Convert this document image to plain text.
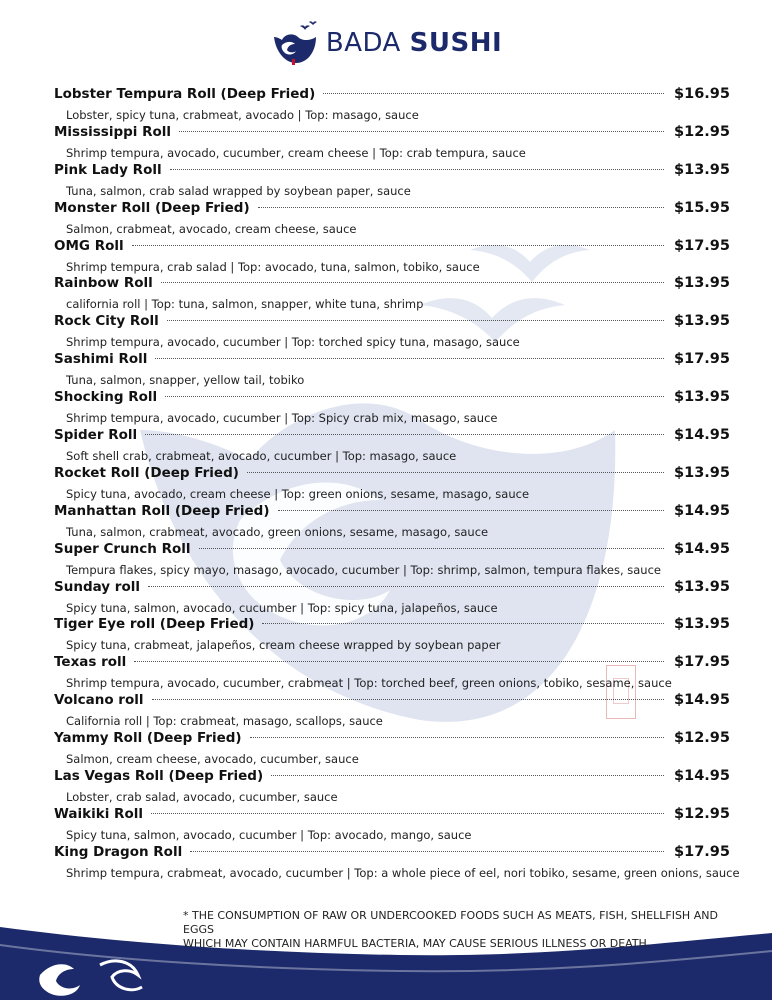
BADA SUSHI
Lobster Tempura Roll (Deep Fried)	$16.95
Lobster, spicy tuna, crabmeat, avocado | Top: masago, sauce
Mississippi Roll	$12.95
Shrimp tempura, avocado, cucumber, cream cheese | Top: crab tempura, sauce
Pink Lady Roll	$13.95
Tuna, salmon, crab salad wrapped by soybean paper, sauce
Monster Roll (Deep Fried)	$15.95
Salmon, crabmeat, avocado, cream cheese, sauce
OMG Roll	$17.95
Shrimp tempura, crab salad | Top: avocado, tuna, salmon, tobiko, sauce
Rainbow Roll	$13.95
california roll | Top: tuna, salmon, snapper, white tuna, shrimp
Rock City Roll	$13.95
Shrimp tempura, avocado, cucumber | Top: torched spicy tuna, masago, sauce
Sashimi Roll	$17.95
Tuna, salmon, snapper, yellow tail, tobiko
Shocking Roll	$13.95
Shrimp tempura, avocado, cucumber | Top: Spicy crab mix, masago, sauce
Spider Roll	$14.95
Soft shell crab, crabmeat, avocado, cucumber | Top: masago, sauce
Rocket Roll (Deep Fried)	$13.95
Spicy tuna, avocado, cream cheese | Top: green onions, sesame, masago, sauce
Manhattan Roll (Deep Fried)	$14.95
Tuna, salmon, crabmeat, avocado, green onions, sesame, masago, sauce
Super Crunch Roll	$14.95
Tempura flakes, spicy mayo, masago, avocado, cucumber | Top: shrimp, salmon, tempura flakes, sauce
Sunday roll	$13.95
Spicy tuna, salmon, avocado, cucumber | Top: spicy tuna, jalapeños, sauce
Tiger Eye roll (Deep Fried)	$13.95
Spicy tuna, crabmeat, jalapeños, cream cheese wrapped by soybean paper
Texas roll	$17.95
Shrimp tempura, avocado, cucumber, crabmeat | Top: torched beef, green onions, tobiko, sesame, sauce
Volcano roll	$14.95
California roll | Top: crabmeat, masago, scallops, sauce
Yammy Roll (Deep Fried)	$12.95
Salmon, cream cheese, avocado, cucumber, sauce
Las Vegas Roll (Deep Fried)	$14.95
Lobster, crab salad, avocado, cucumber, sauce
Waikiki Roll	$12.95
Spicy tuna, salmon, avocado, cucumber | Top: avocado, mango, sauce
King Dragon Roll	$17.95
Shrimp tempura, crabmeat, avocado, cucumber | Top: a whole piece of eel, nori tobiko, sesame, green onions, sauce
* THE CONSUMPTION OF RAW OR UNDERCOOKED FOODS SUCH AS MEATS, FISH, SHELLFISH AND EGGS
WHICH MAY CONTAIN HARMFUL BACTERIA, MAY CAUSE SERIOUS ILLNESS OR DEATH.
